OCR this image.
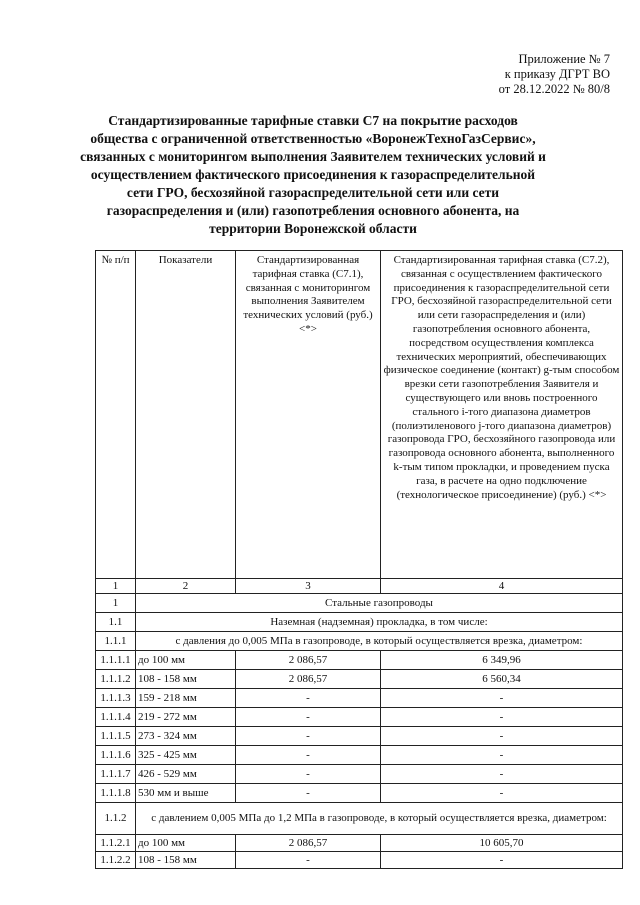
Приложение № 7
к приказу ДГРТ ВО
от 28.12.2022 № 80/8
Стандартизированные тарифные ставки С7 на покрытие расходов общества с ограниченной ответственностью «ВоронежТехноГазСервис», связанных с мониторингом выполнения Заявителем технических условий и осуществлением фактического присоединения к газораспределительной сети ГРО, бесхозяйной газораспределительной сети или сети газораспределения и (или) газопотребления основного абонента, на территории Воронежской области
№ п/п	Показатели	Стандартизированная тарифная ставка (С7.1), связанная с мониторингом выполнения Заявителем технических условий (руб.) <*>	Стандартизированная тарифная ставка (С7.2), связанная с осуществлением фактического присоединения к газораспределительной сети ГРО, бесхозяйной газораспределительной сети или сети газораспределения и (или) газопотребления основного абонента, посредством осуществления комплекса технических мероприятий, обеспечивающих физическое соединение (контакт) g-тым способом врезки сети газопотребления Заявителя и существующего или вновь построенного стального i-того диапазона диаметров (полиэтиленового j-того диапазона диаметров) газопровода ГРО, бесхозяйного газопровода или газопровода основного абонента, выполненного k-тым типом прокладки, и проведением пуска газа, в расчете на одно подключение (технологическое присоединение) (руб.) <*>
1	2	3	4
1	Стальные газопроводы		
1.1	Наземная (надземная) прокладка, в том числе:		
1.1.1	с давления до 0,005 МПа в газопроводе, в который осуществляется врезка, диаметром:		
1.1.1.1	до 100 мм	2 086,57	6 349,96
1.1.1.2	108 - 158 мм	2 086,57	6 560,34
1.1.1.3	159 - 218 мм	-	-
1.1.1.4	219 - 272 мм	-	-
1.1.1.5	273 - 324 мм	-	-
1.1.1.6	325 - 425 мм	-	-
1.1.1.7	426 - 529 мм	-	-
1.1.1.8	530 мм и выше	-	-
1.1.2	с давлением 0,005 МПа до 1,2 МПа в газопроводе, в который осуществляется врезка, диаметром:		
1.1.2.1	до 100 мм	2 086,57	10 605,70
1.1.2.2	108 - 158 мм	-	-
